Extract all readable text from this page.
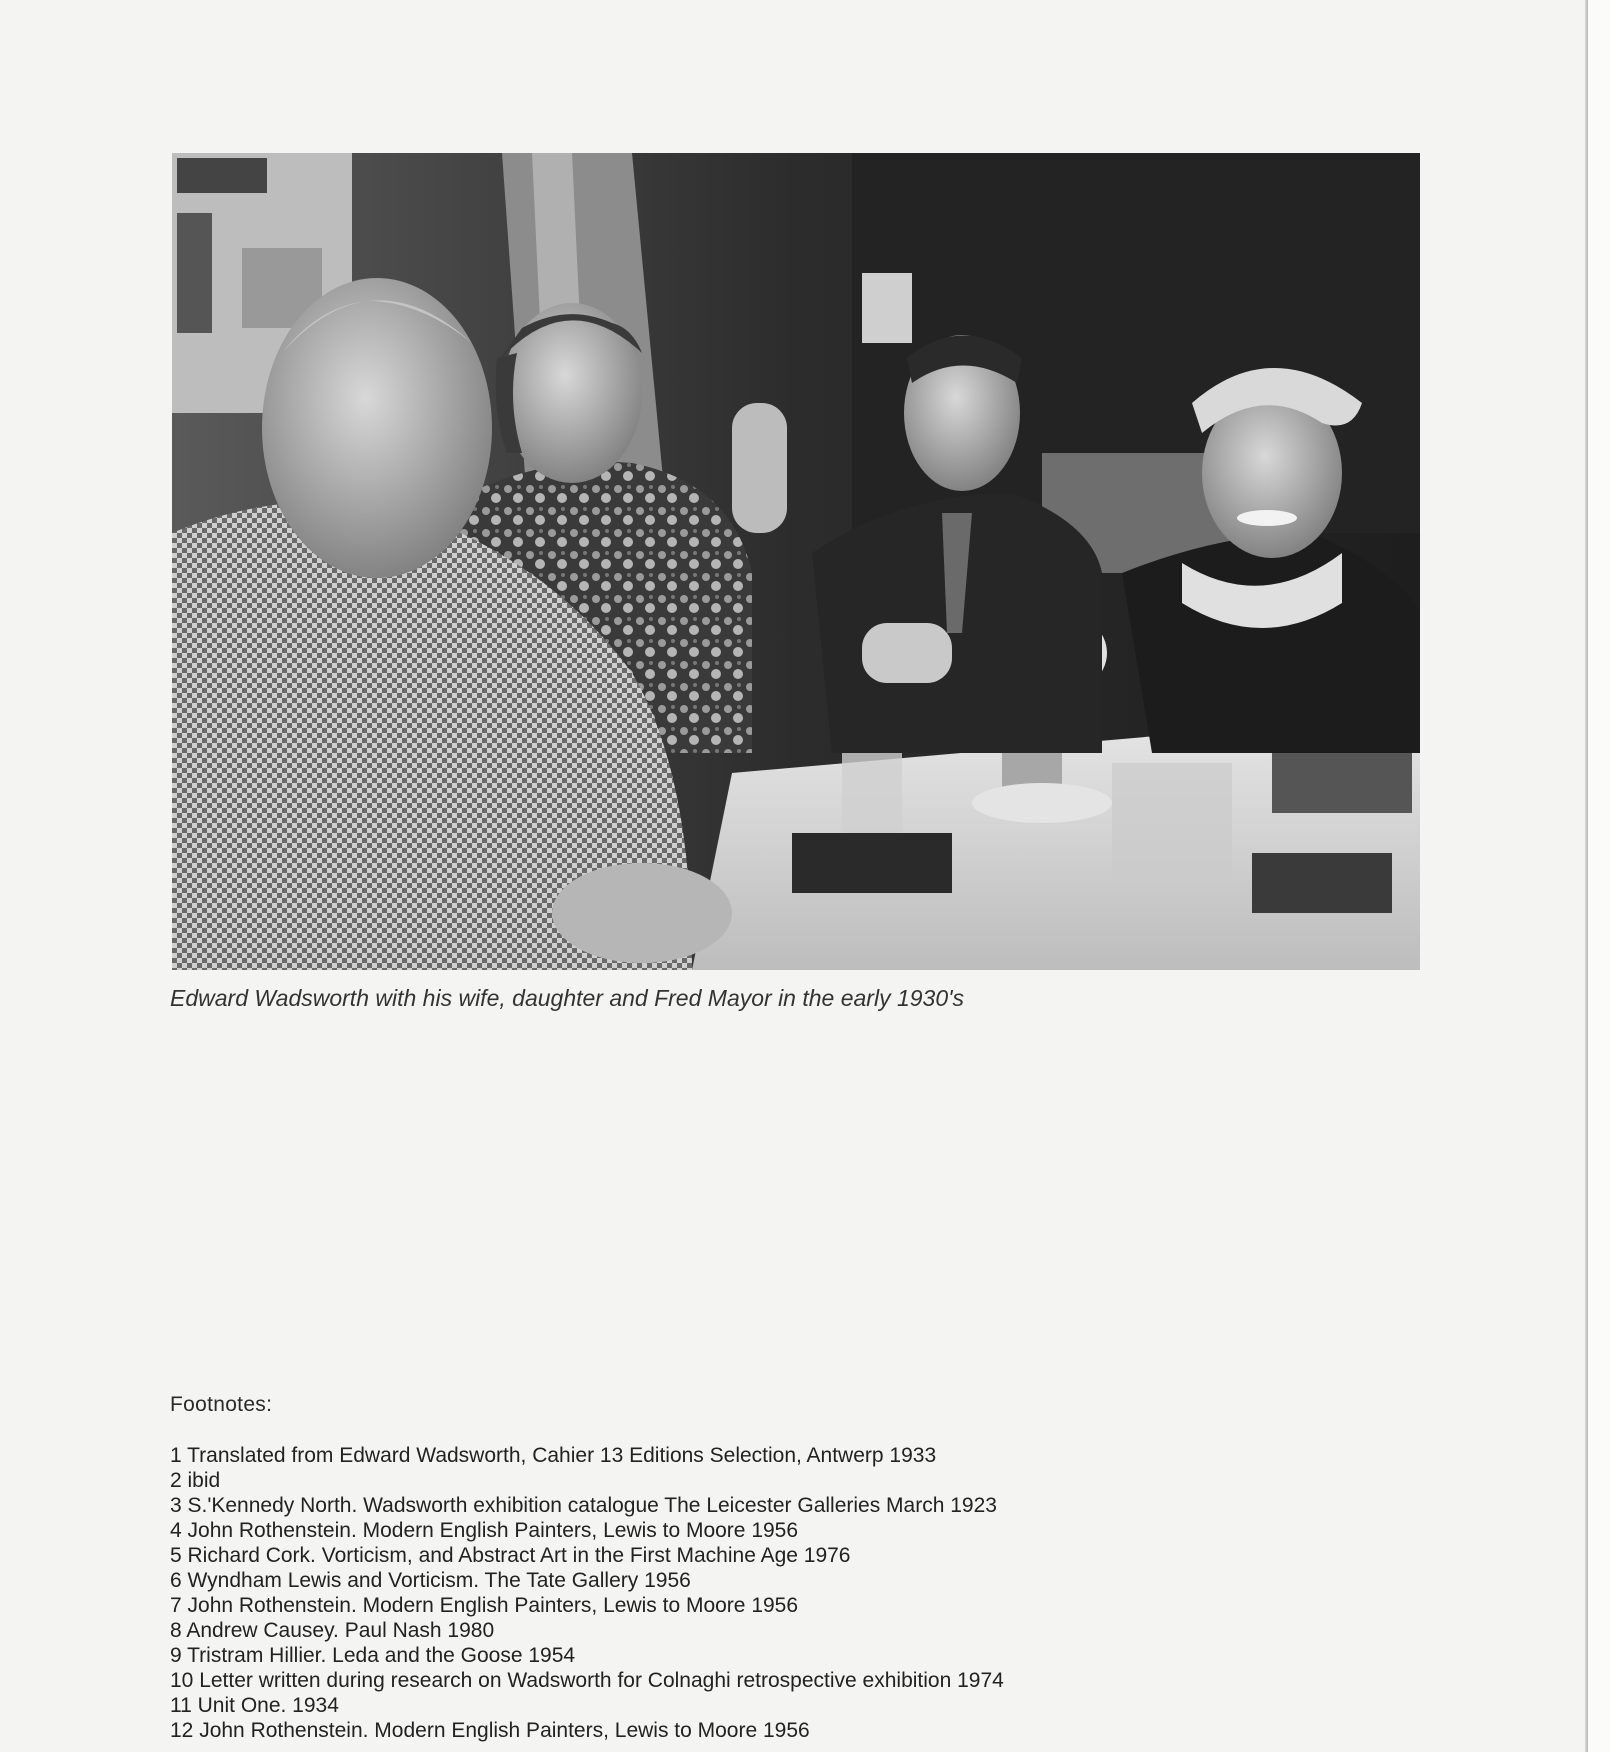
Edward Wadsworth with his wife, daughter and Fred Mayor in the early 1930's
Footnotes:
1 Translated from Edward Wadsworth, Cahier 13 Editions Selection, Antwerp 1933
2 ibid
3 S.'Kennedy North. Wadsworth exhibition catalogue The Leicester Galleries March 1923
4 John Rothenstein. Modern English Painters, Lewis to Moore 1956
5 Richard Cork. Vorticism, and Abstract Art in the First Machine Age 1976
6 Wyndham Lewis and Vorticism. The Tate Gallery 1956
7 John Rothenstein. Modern English Painters, Lewis to Moore 1956
8 Andrew Causey. Paul Nash 1980
9 Tristram Hillier. Leda and the Goose 1954
10 Letter written during research on Wadsworth for Colnaghi retrospective exhibition 1974
11 Unit One. 1934
12 John Rothenstein. Modern English Painters, Lewis to Moore 1956
